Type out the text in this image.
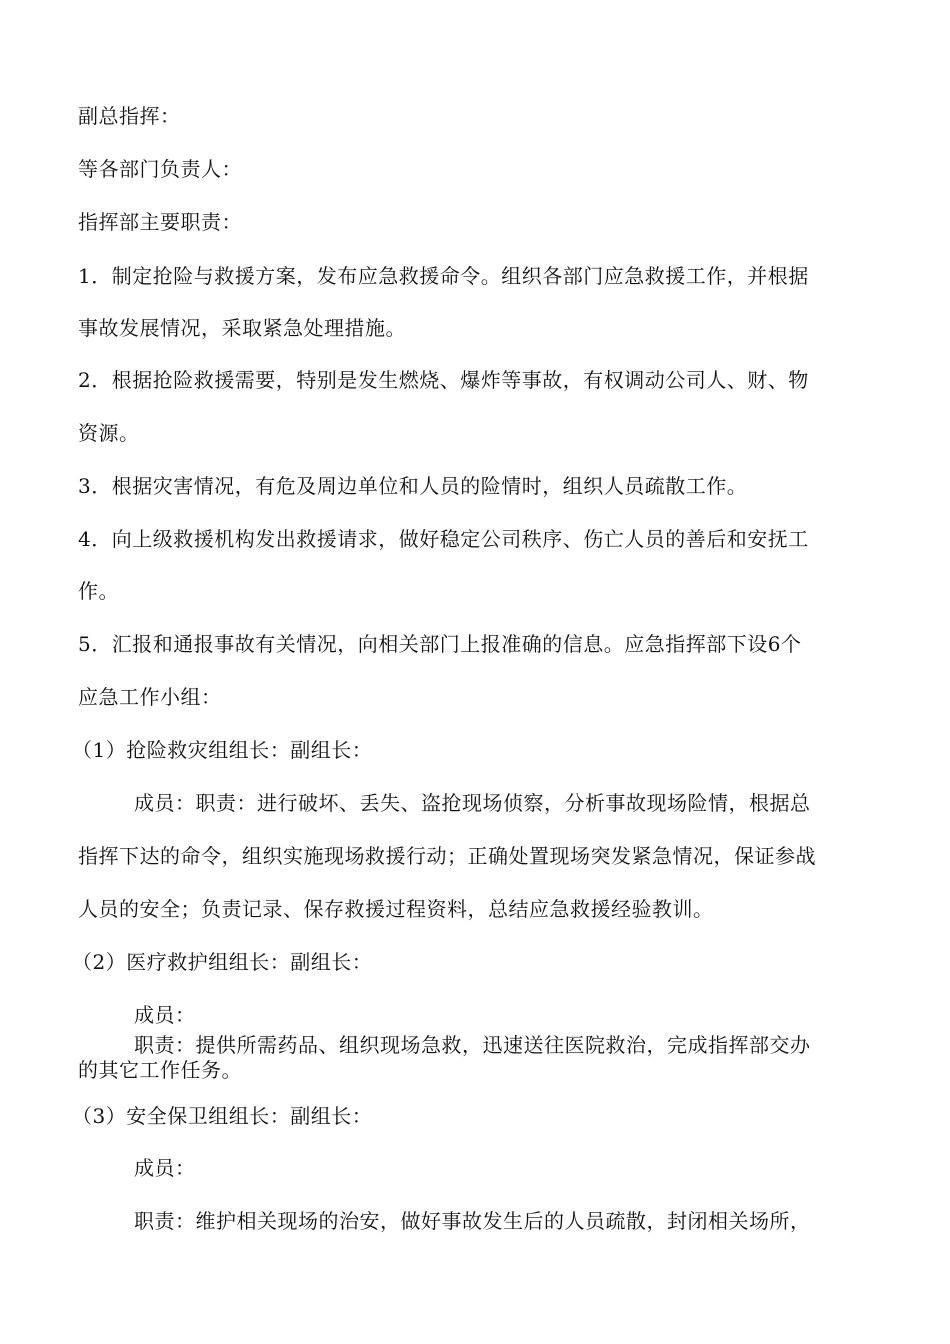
副总指挥：
等各部门负责人：
指挥部主要职责：
1．制定抢险与救援方案，发布应急救援命令。组织各部门应急救援工作，并根据
事故发展情况，采取紧急处理措施。
2．根据抢险救援需要，特别是发生燃烧、爆炸等事故，有权调动公司人、财、物
资源。
3．根据灾害情况，有危及周边单位和人员的险情时，组织人员疏散工作。
4．向上级救援机构发出救援请求，做好稳定公司秩序、伤亡人员的善后和安抚工
作。
5．汇报和通报事故有关情况，向相关部门上报准确的信息。应急指挥部下设6个
应急工作小组：
（1）抢险救灾组组长：副组长：
成员：职责：进行破坏、丢失、盗抢现场侦察，分析事故现场险情，根据总
指挥下达的命令，组织实施现场救援行动；正确处置现场突发紧急情况，保证参战
人员的安全；负责记录、保存救援过程资料，总结应急救援经验教训。
（2）医疗救护组组长：副组长：
成员：
职责：提供所需药品、组织现场急救，迅速送往医院救治，完成指挥部交办
的其它工作任务。
（3）安全保卫组组长：副组长：
成员：
职责：维护相关现场的治安，做好事故发生后的人员疏散，封闭相关场所，
